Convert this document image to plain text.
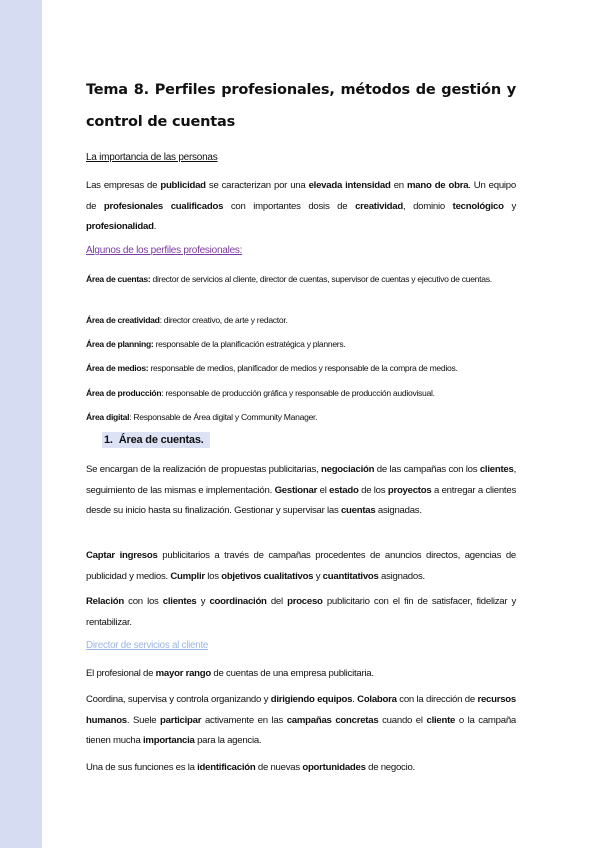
Tema 8. Perfiles profesionales, métodos de gestión y control de cuentas
La importancia de las personas
Las empresas de publicidad se caracterizan por una elevada intensidad en mano de obra. Un equipo de profesionales cualificados con importantes dosis de creatividad, dominio tecnológico y profesionalidad.
Algunos de los perfiles profesionales:
Área de cuentas: director de servicios al cliente, director de cuentas, supervisor de cuentas y ejecutivo de cuentas.
Área de creatividad: director creativo, de arte y redactor.
Área de planning: responsable de la planificación estratégica y planners.
Área de medios: responsable de medios, planificador de medios y responsable de la compra de medios.
Área de producción: responsable de producción gráfica y responsable de producción audiovisual.
Área digital: Responsable de Área digital y Community Manager.
1. Área de cuentas.
Se encargan de la realización de propuestas publicitarias, negociación de las campañas con los clientes, seguimiento de las mismas e implementación. Gestionar el estado de los proyectos a entregar a clientes desde su inicio hasta su finalización. Gestionar y supervisar las cuentas asignadas.
Captar ingresos publicitarios a través de campañas procedentes de anuncios directos, agencias de publicidad y medios. Cumplir los objetivos cualitativos y cuantitativos asignados.
Relación con los clientes y coordinación del proceso publicitario con el fin de satisfacer, fidelizar y rentabilizar.
Director de servicios al cliente
El profesional de mayor rango de cuentas de una empresa publicitaria.
Coordina, supervisa y controla organizando y dirigiendo equipos. Colabora con la dirección de recursos humanos. Suele participar activamente en las campañas concretas cuando el cliente o la campaña tienen mucha importancia para la agencia.
Una de sus funciones es la identificación de nuevas oportunidades de negocio.
